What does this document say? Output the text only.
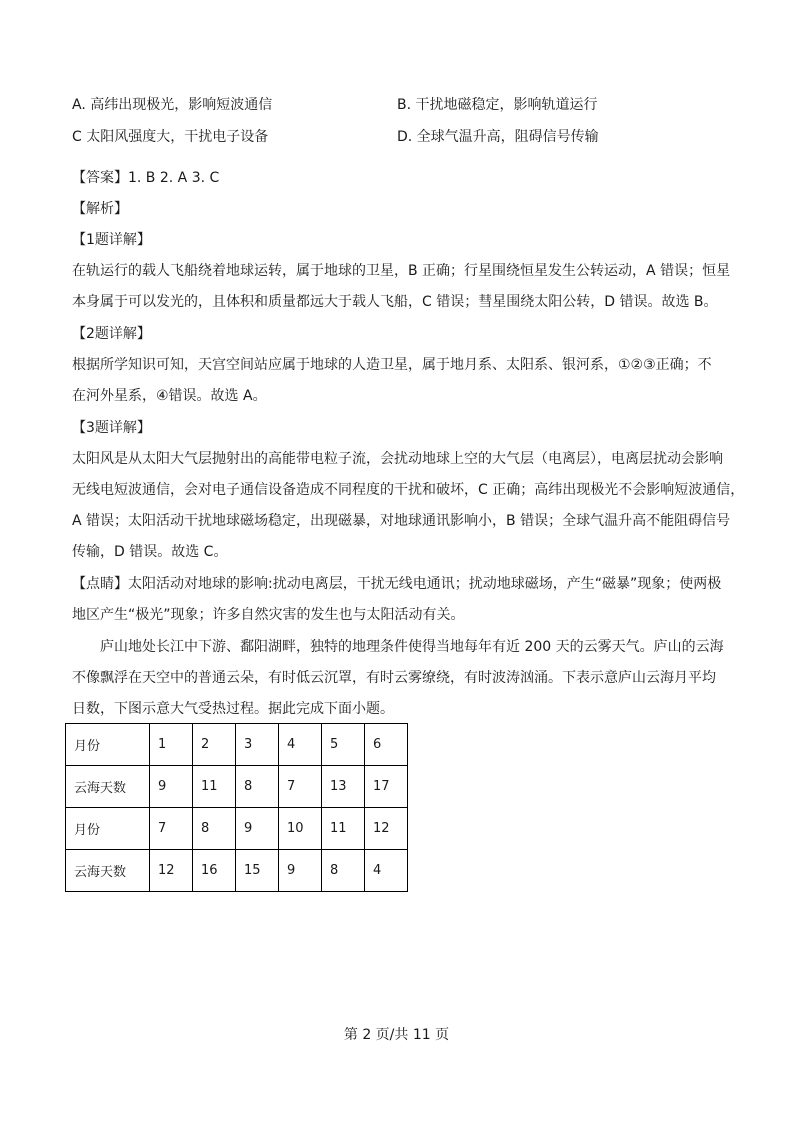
A. 高纬出现极光，影响短波通信	B. 干扰地磁稳定，影响轨道运行
C 太阳风强度大，干扰电子设备	D. 全球气温升高，阻碍信号传输
【答案】1. B 2. A 3. C
【解析】
【1题详解】
在轨运行的载人飞船绕着地球运转，属于地球的卫星，B 正确；行星围绕恒星发生公转运动，A 错误；恒星
本身属于可以发光的，且体积和质量都远大于载人飞船，C 错误；彗星围绕太阳公转，D 错误。故选 B。
【2题详解】
根据所学知识可知，天宫空间站应属于地球的人造卫星，属于地月系、太阳系、银河系，①②③正确；不
在河外星系，④错误。故选 A。
【3题详解】
太阳风是从太阳大气层抛射出的高能带电粒子流，会扰动地球上空的大气层（电离层），电离层扰动会影响
无线电短波通信，会对电子通信设备造成不同程度的干扰和破坏，C 正确；高纬出现极光不会影响短波通信，
A 错误；太阳活动干扰地球磁场稳定，出现磁暴，对地球通讯影响小，B 错误；全球气温升高不能阻碍信号
传输，D 错误。故选 C。
【点睛】太阳活动对地球的影响:扰动电离层，干扰无线电通讯；扰动地球磁场，产生“磁暴”现象；使两极
地区产生“极光”现象；许多自然灾害的发生也与太阳活动有关。
　　庐山地处长江中下游、鄱阳湖畔，独特的地理条件使得当地每年有近 200 天的云雾天气。庐山的云海
不像飘浮在天空中的普通云朵，有时低云沉罩，有时云雾缭绕，有时波涛汹涌。下表示意庐山云海月平均
日数，下图示意大气受热过程。据此完成下面小题。
月份	1	2	3	4	5	6
云海天数	9	11	8	7	13	17
月份	7	8	9	10	11	12
云海天数	12	16	15	9	8	4
第 2 页/共 11 页
